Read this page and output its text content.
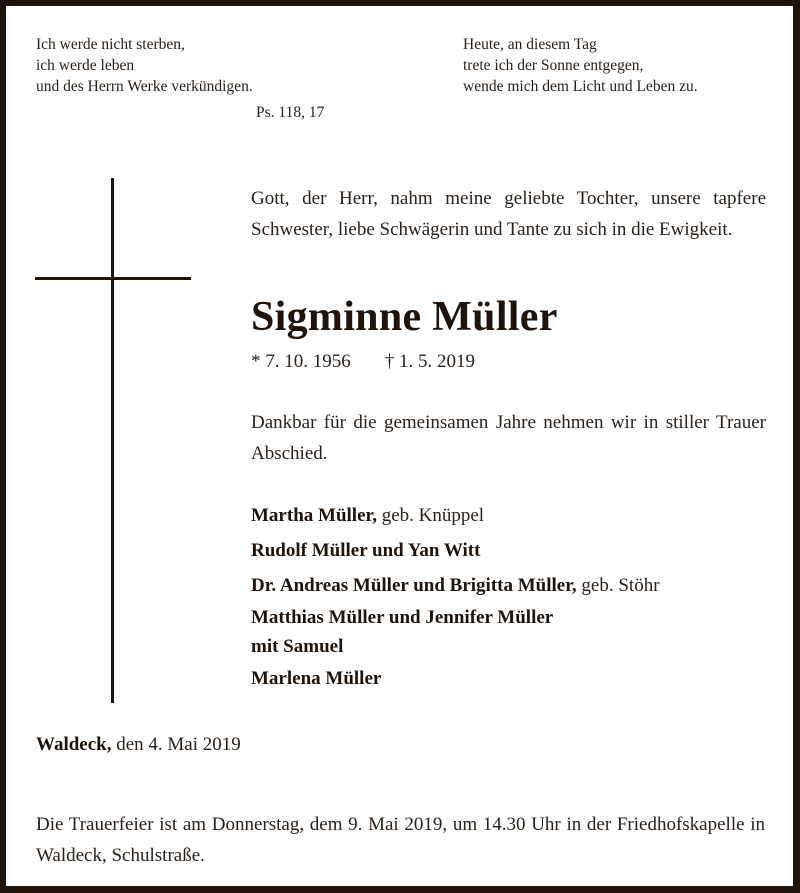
Ich werde nicht sterben,
ich werde leben
und des Herrn Werke verkündigen.
Ps. 118, 17
Heute, an diesem Tag
trete ich der Sonne entgegen,
wende mich dem Licht und Leben zu.
Gott, der Herr, nahm meine geliebte Tochter, unsere tapfere Schwester, liebe Schwägerin und Tante zu sich in die Ewigkeit.
Sigminne Müller
* 7. 10. 1956 † 1. 5. 2019
Dankbar für die gemeinsamen Jahre nehmen wir in stiller Trauer Abschied.
Martha Müller, geb. Knüppel
Rudolf Müller und Yan Witt
Dr. Andreas Müller und Brigitta Müller, geb. Stöhr
Matthias Müller und Jennifer Müller
mit Samuel
Marlena Müller
Waldeck, den 4. Mai 2019
Die Trauerfeier ist am Donnerstag, dem 9. Mai 2019, um 14.30 Uhr in der Friedhofskapelle in Waldeck, Schulstraße.
